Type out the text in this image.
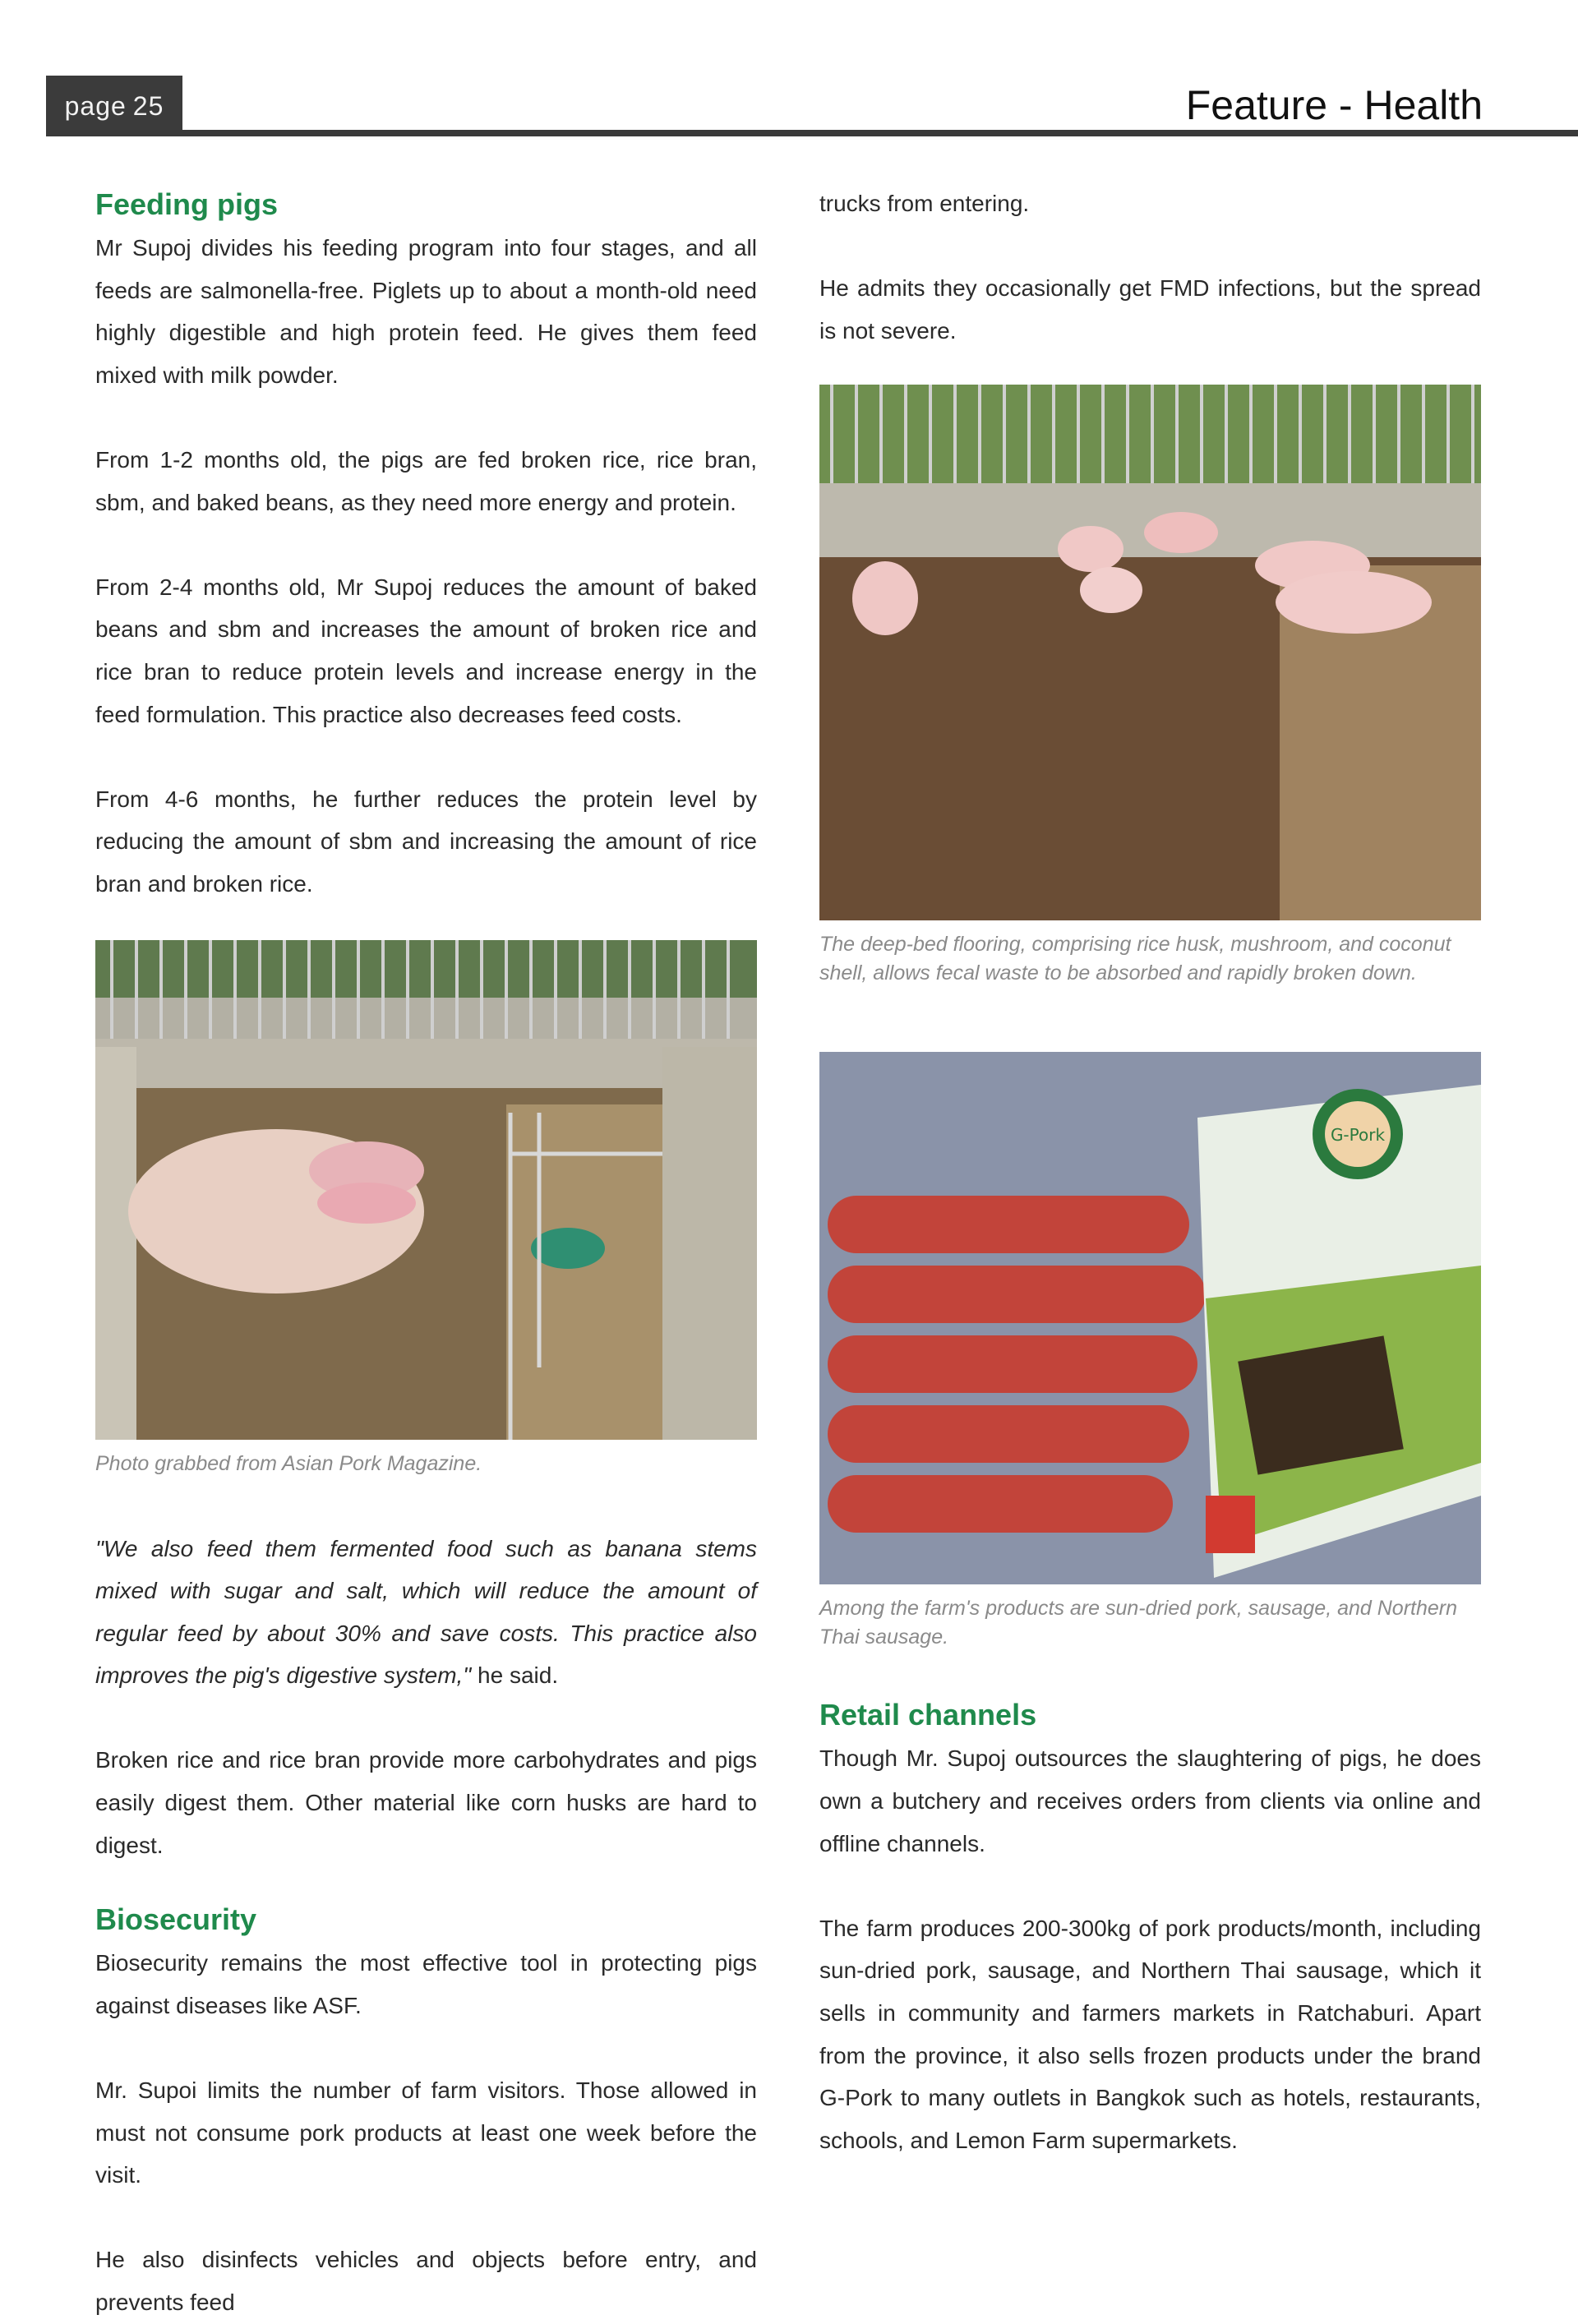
page 25	Feature - Health
Feeding pigs

Mr Supoj divides his feeding program into four stages, and all feeds are salmonella-free. Piglets up to about a month-old need highly digestible and high protein feed. He gives them feed mixed with milk powder.

From 1-2 months old, the pigs are fed broken rice, rice bran, sbm, and baked beans, as they need more energy and protein.

From 2-4 months old, Mr Supoj reduces the amount of baked beans and sbm and increases the amount of broken rice and rice bran to reduce protein levels and increase energy in the feed formulation. This practice also decreases feed costs.

From 4-6 months, he further reduces the protein level by reducing the amount of sbm and increasing the amount of rice bran and broken rice.

Photo grabbed from Asian Pork Magazine.

"We also feed them fermented food such as banana stems mixed with sugar and salt, which will reduce the amount of regular feed by about 30% and save costs. This practice also improves the pig's digestive system," he said.

Broken rice and rice bran provide more carbohydrates and pigs easily digest them. Other material like corn husks are hard to digest.

Biosecurity

Biosecurity remains the most effective tool in protecting pigs against diseases like ASF.

Mr. Supoi limits the number of farm visitors. Those allowed in must not consume pork products at least one week before the visit.

He also disinfects vehicles and objects before entry, and prevents feed

trucks from entering.

He admits they occasionally get FMD infections, but the spread is not severe.

The deep-bed flooring, comprising rice husk, mushroom, and coconut shell, allows fecal waste to be absorbed and rapidly broken down.

G-Pork

Among the farm's products are sun-dried pork, sausage, and Northern Thai sausage.

Retail channels

Though Mr. Supoj outsources the slaughtering of pigs, he does own a butchery and receives orders from clients via online and offline channels.

The farm produces 200-300kg of pork products/month, including sun-dried pork, sausage, and Northern Thai sausage, which it sells in community and farmers markets in Ratchaburi. Apart from the province, it also sells frozen products under the brand G-Pork to many outlets in Bangkok such as hotels, restaurants, schools, and Lemon Farm supermarkets.
